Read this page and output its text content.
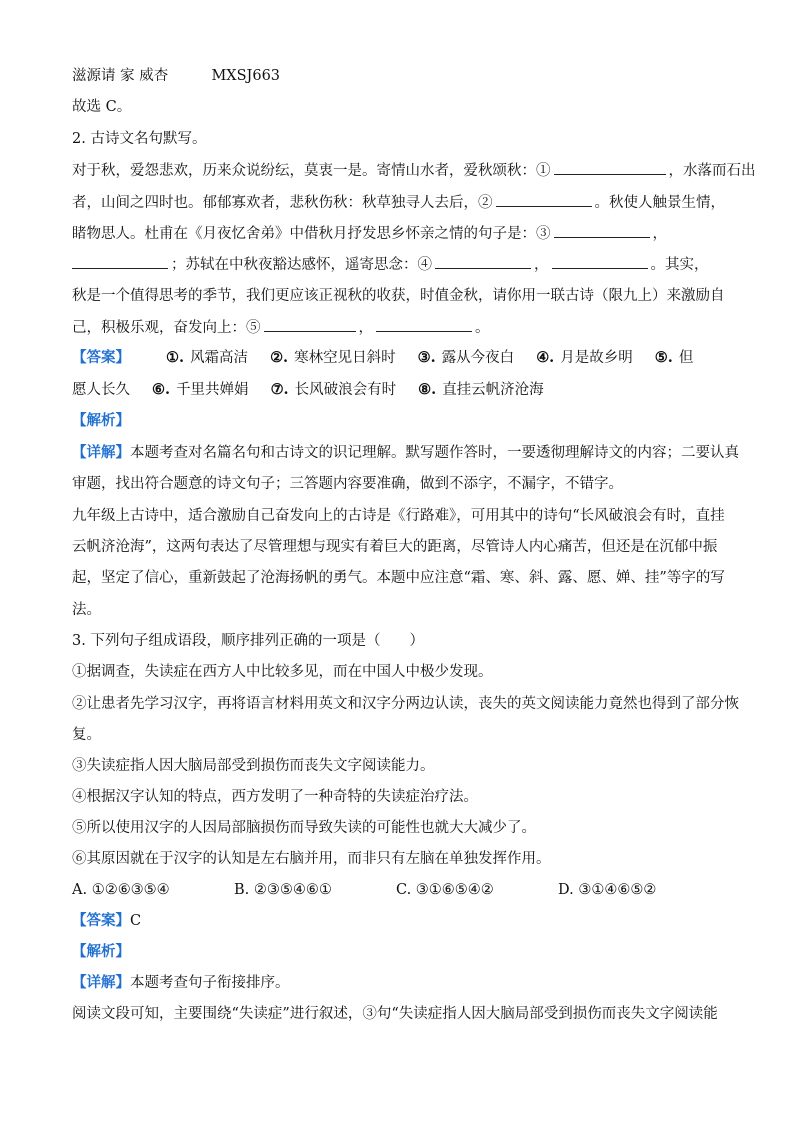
滋源请 家 威杏	MXSJ663
故选 C。
2. 古诗文名句默写。
对于秋，爱怨悲欢，历来众说纷纭，莫衷一是。寄情山水者，爱秋颂秋：①	，水落而石出
者，山间之四时也。郁郁寡欢者，悲秋伤秋：秋草独寻人去后，②	。秋使人触景生情，
睹物思人。杜甫在《月夜忆舍弟》中借秋月抒发思乡怀亲之情的句子是：③	，
；苏轼在中秋夜豁达感怀，遥寄思念：④	，	。其实，
秋是一个值得思考的季节，我们更应该正视秋的收获，时值金秋，请你用一联古诗（限九上）来激励自
己，积极乐观，奋发向上：⑤	，	。
【答案】 ①. 风霜高洁 ②. 寒林空见日斜时 ③. 露从今夜白 ④. 月是故乡明 ⑤. 但
愿人长久 ⑥. 千里共婵娟 ⑦. 长风破浪会有时 ⑧. 直挂云帆济沧海
【解析】
【详解】本题考查对名篇名句和古诗文的识记理解。默写题作答时，一要透彻理解诗文的内容；二要认真
审题，找出符合题意的诗文句子；三答题内容要准确，做到不添字，不漏字，不错字。
九年级上古诗中，适合激励自己奋发向上的古诗是《行路难》，可用其中的诗句“长风破浪会有时，直挂
云帆济沧海”，这两句表达了尽管理想与现实有着巨大的距离，尽管诗人内心痛苦，但还是在沉郁中振
起，坚定了信心，重新鼓起了沧海扬帆的勇气。本题中应注意“霜、寒、斜、露、愿、婵、挂”等字的写
法。
3. 下列句子组成语段，顺序排列正确的一项是（　　）
①据调查，失读症在西方人中比较多见，而在中国人中极少发现。
②让患者先学习汉字，再将语言材料用英文和汉字分两边认读，丧失的英文阅读能力竟然也得到了部分恢
复。
③失读症指人因大脑局部受到损伤而丧失文字阅读能力。
④根据汉字认知的特点，西方发明了一种奇特的失读症治疗法。
⑤所以使用汉字的人因局部脑损伤而导致失读的可能性也就大大减少了。
⑥其原因就在于汉字的认知是左右脑并用，而非只有左脑在单独发挥作用。
A. ①②⑥③⑤④	B. ②③⑤④⑥①	C. ③①⑥⑤④②	D. ③①④⑥⑤②
【答案】C
【解析】
【详解】本题考查句子衔接排序。
阅读文段可知，主要围绕“失读症”进行叙述，③句“失读症指人因大脑局部受到损伤而丧失文字阅读能
